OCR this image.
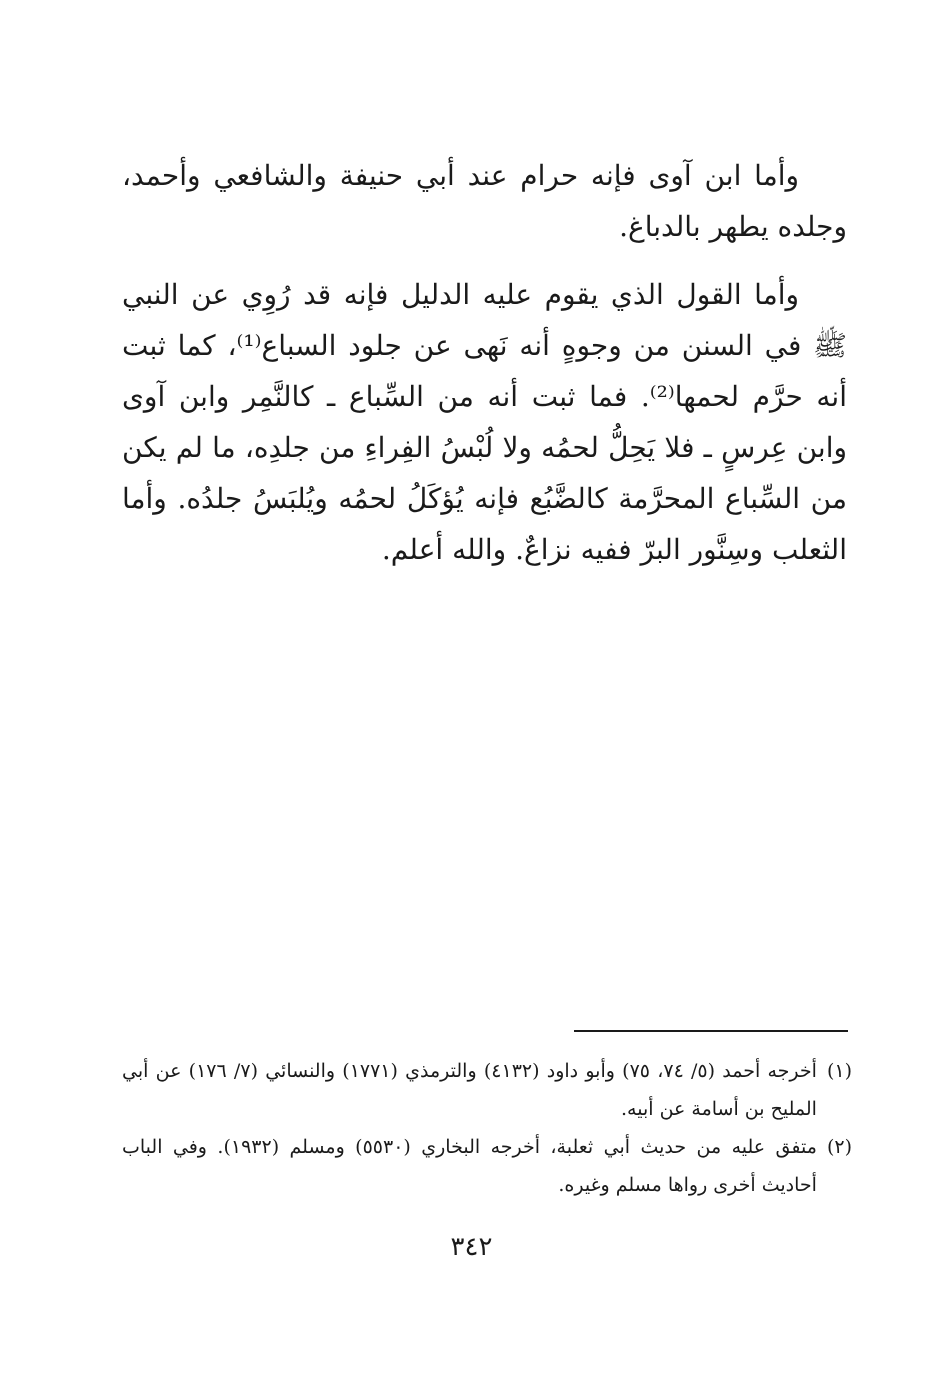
وأما ابن آوى فإنه حرام عند أبي حنيفة والشافعي وأحمد، وجلده يطهر بالدباغ.

وأما القول الذي يقوم عليه الدليل فإنه قد رُوِي عن النبي ﷺ في السنن من وجوهٍ أنه نَهى عن جلود السباع⁽¹⁾، كما ثبت أنه حرَّم لحمها⁽²⁾. فما ثبت أنه من السِّباع ـ كالنَّمِر وابن آوى وابن عِرسٍ ـ فلا يَحِلُّ لحمُه ولا لُبْسُ الفِراءِ من جلدِه، ما لم يكن من السِّباع المحرَّمة كالضَّبُع فإنه يُؤكَلُ لحمُه ويُلبَسُ جلدُه. وأما الثعلب وسِنَّور البرّ ففيه نزاعٌ. والله أعلم.

(١)
أخرجه أحمد (٥/ ٧٤، ٧٥) وأبو داود (٤١٣٢) والترمذي (١٧٧١) والنسائي (٧/ ١٧٦) عن أبي المليح بن أسامة عن أبيه.
(٢)
متفق عليه من حديث أبي ثعلبة، أخرجه البخاري (٥٥٣٠) ومسلم (١٩٣٢). وفي الباب أحاديث أخرى رواها مسلم وغيره.
٣٤٢
